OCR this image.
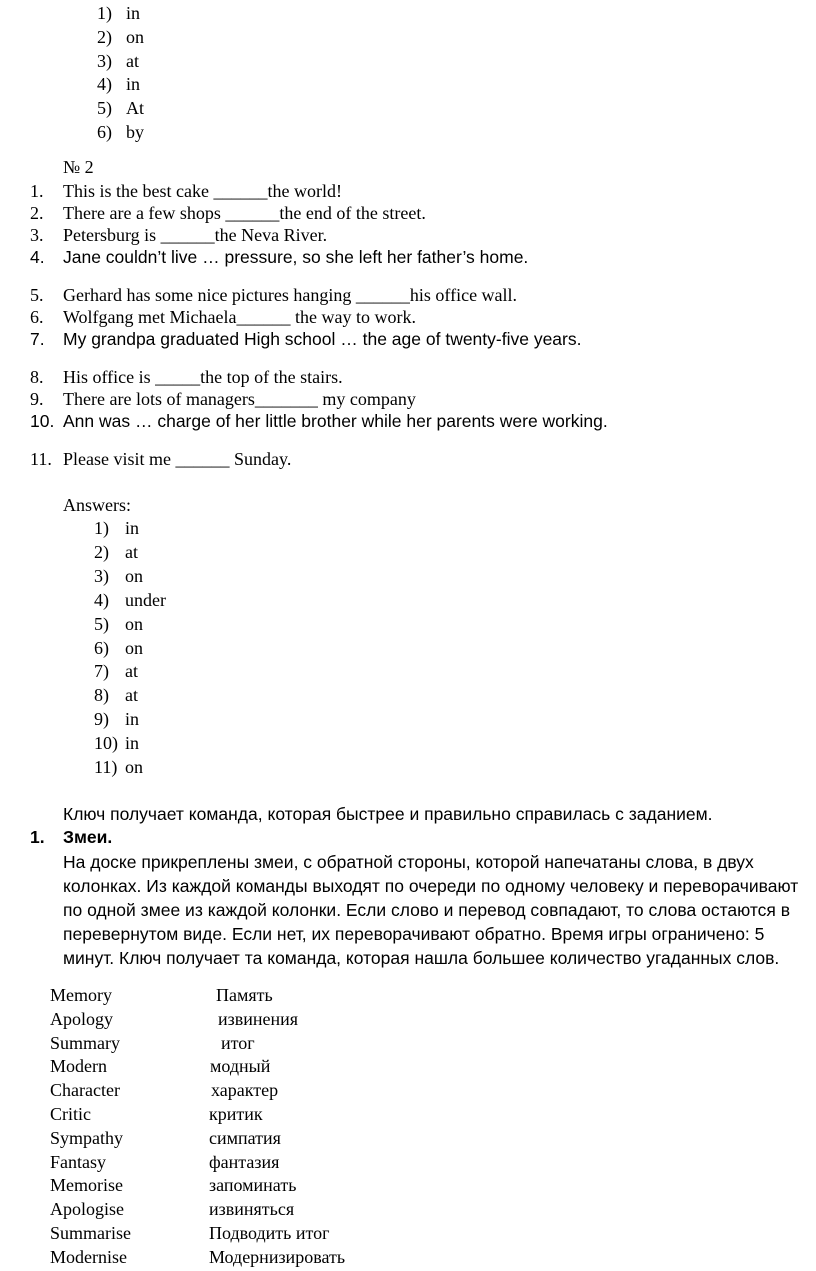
1) in
2) on
3) at
4) in
5) At
6) by
№ 2
1.	This is the best cake ______the world!
2.	There are a few shops ______the end of the street.
3.	Petersburg is ______the Neva River.
4.	Jane couldn’t live … pressure, so she left her father’s home.
5.	Gerhard has some nice pictures hanging ______his office wall.
6.	Wolfgang met Michaela______ the way to work.
7.	My grandpa graduated High school … the age of twenty-five years.
8.	His office is _____the top of the stairs.
9.	There are lots of managers_______ my company
10. Ann was … charge of her little brother while her parents were working.
11. Please visit me ______ Sunday.
Answers:
1) in
2) at
3) on
4) under
5) on
6) on
7) at
8) at
9) in
10) in
11) on
Ключ получает команда, которая быстрее и правильно справилась с заданием.
1.	Змеи.
На доске прикреплены змеи, с обратной стороны, которой напечатаны слова, в двух
колонках. Из каждой команды выходят по очереди по одному человеку и переворачивают
по одной змее из каждой колонки. Если слово и перевод совпадают, то слова остаются в
перевернутом виде. Если нет, их переворачивают обратно. Время игры ограничено: 5
минут. Ключ получает та команда, которая нашла большее количество угаданных слов.
Memory	Память
Apology	извинения
Summary	итог
Modern	модный
Character	характер
Critic	критик
Sympathy	симпатия
Fantasy	фантазия
Memorise	запоминать
Apologise	извиняться
Summarise	Подводить итог
Modernise	Модернизировать
